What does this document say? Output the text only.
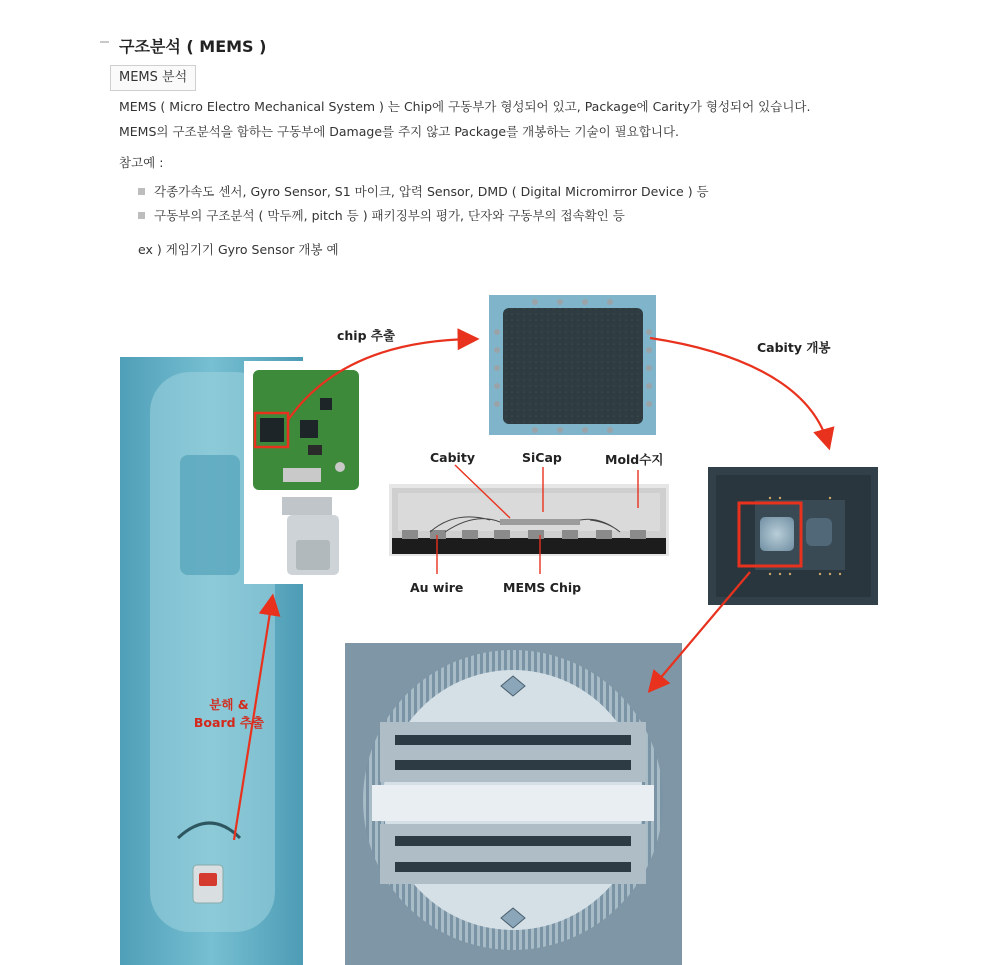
구조분석 ( MEMS )
MEMS 분석
MEMS ( Micro Electro Mechanical System ) 는 Chip에 구동부가 형성되어 있고, Package에 Carity가 형성되어 있습니다.
MEMS의 구조분석을 함하는 구동부에 Damage를 주지 않고 Package를 개봉하는 기술이 필요합니다.
참고예 :
각종가속도 센서, Gyro Sensor, S1 마이크, 압력 Sensor, DMD ( Digital Micromirror Device ) 등
구동부의 구조분석 ( 막두께, pitch 등 ) 패키징부의 평가, 단자와 구동부의 접속확인 등
ex ) 게임기기 Gyro Sensor 개봉 예
chip 추출
Cabity 개봉
분해 &
Board 추출
Cabity	SiCap	Mold수지
Au wire	MEMS Chip
